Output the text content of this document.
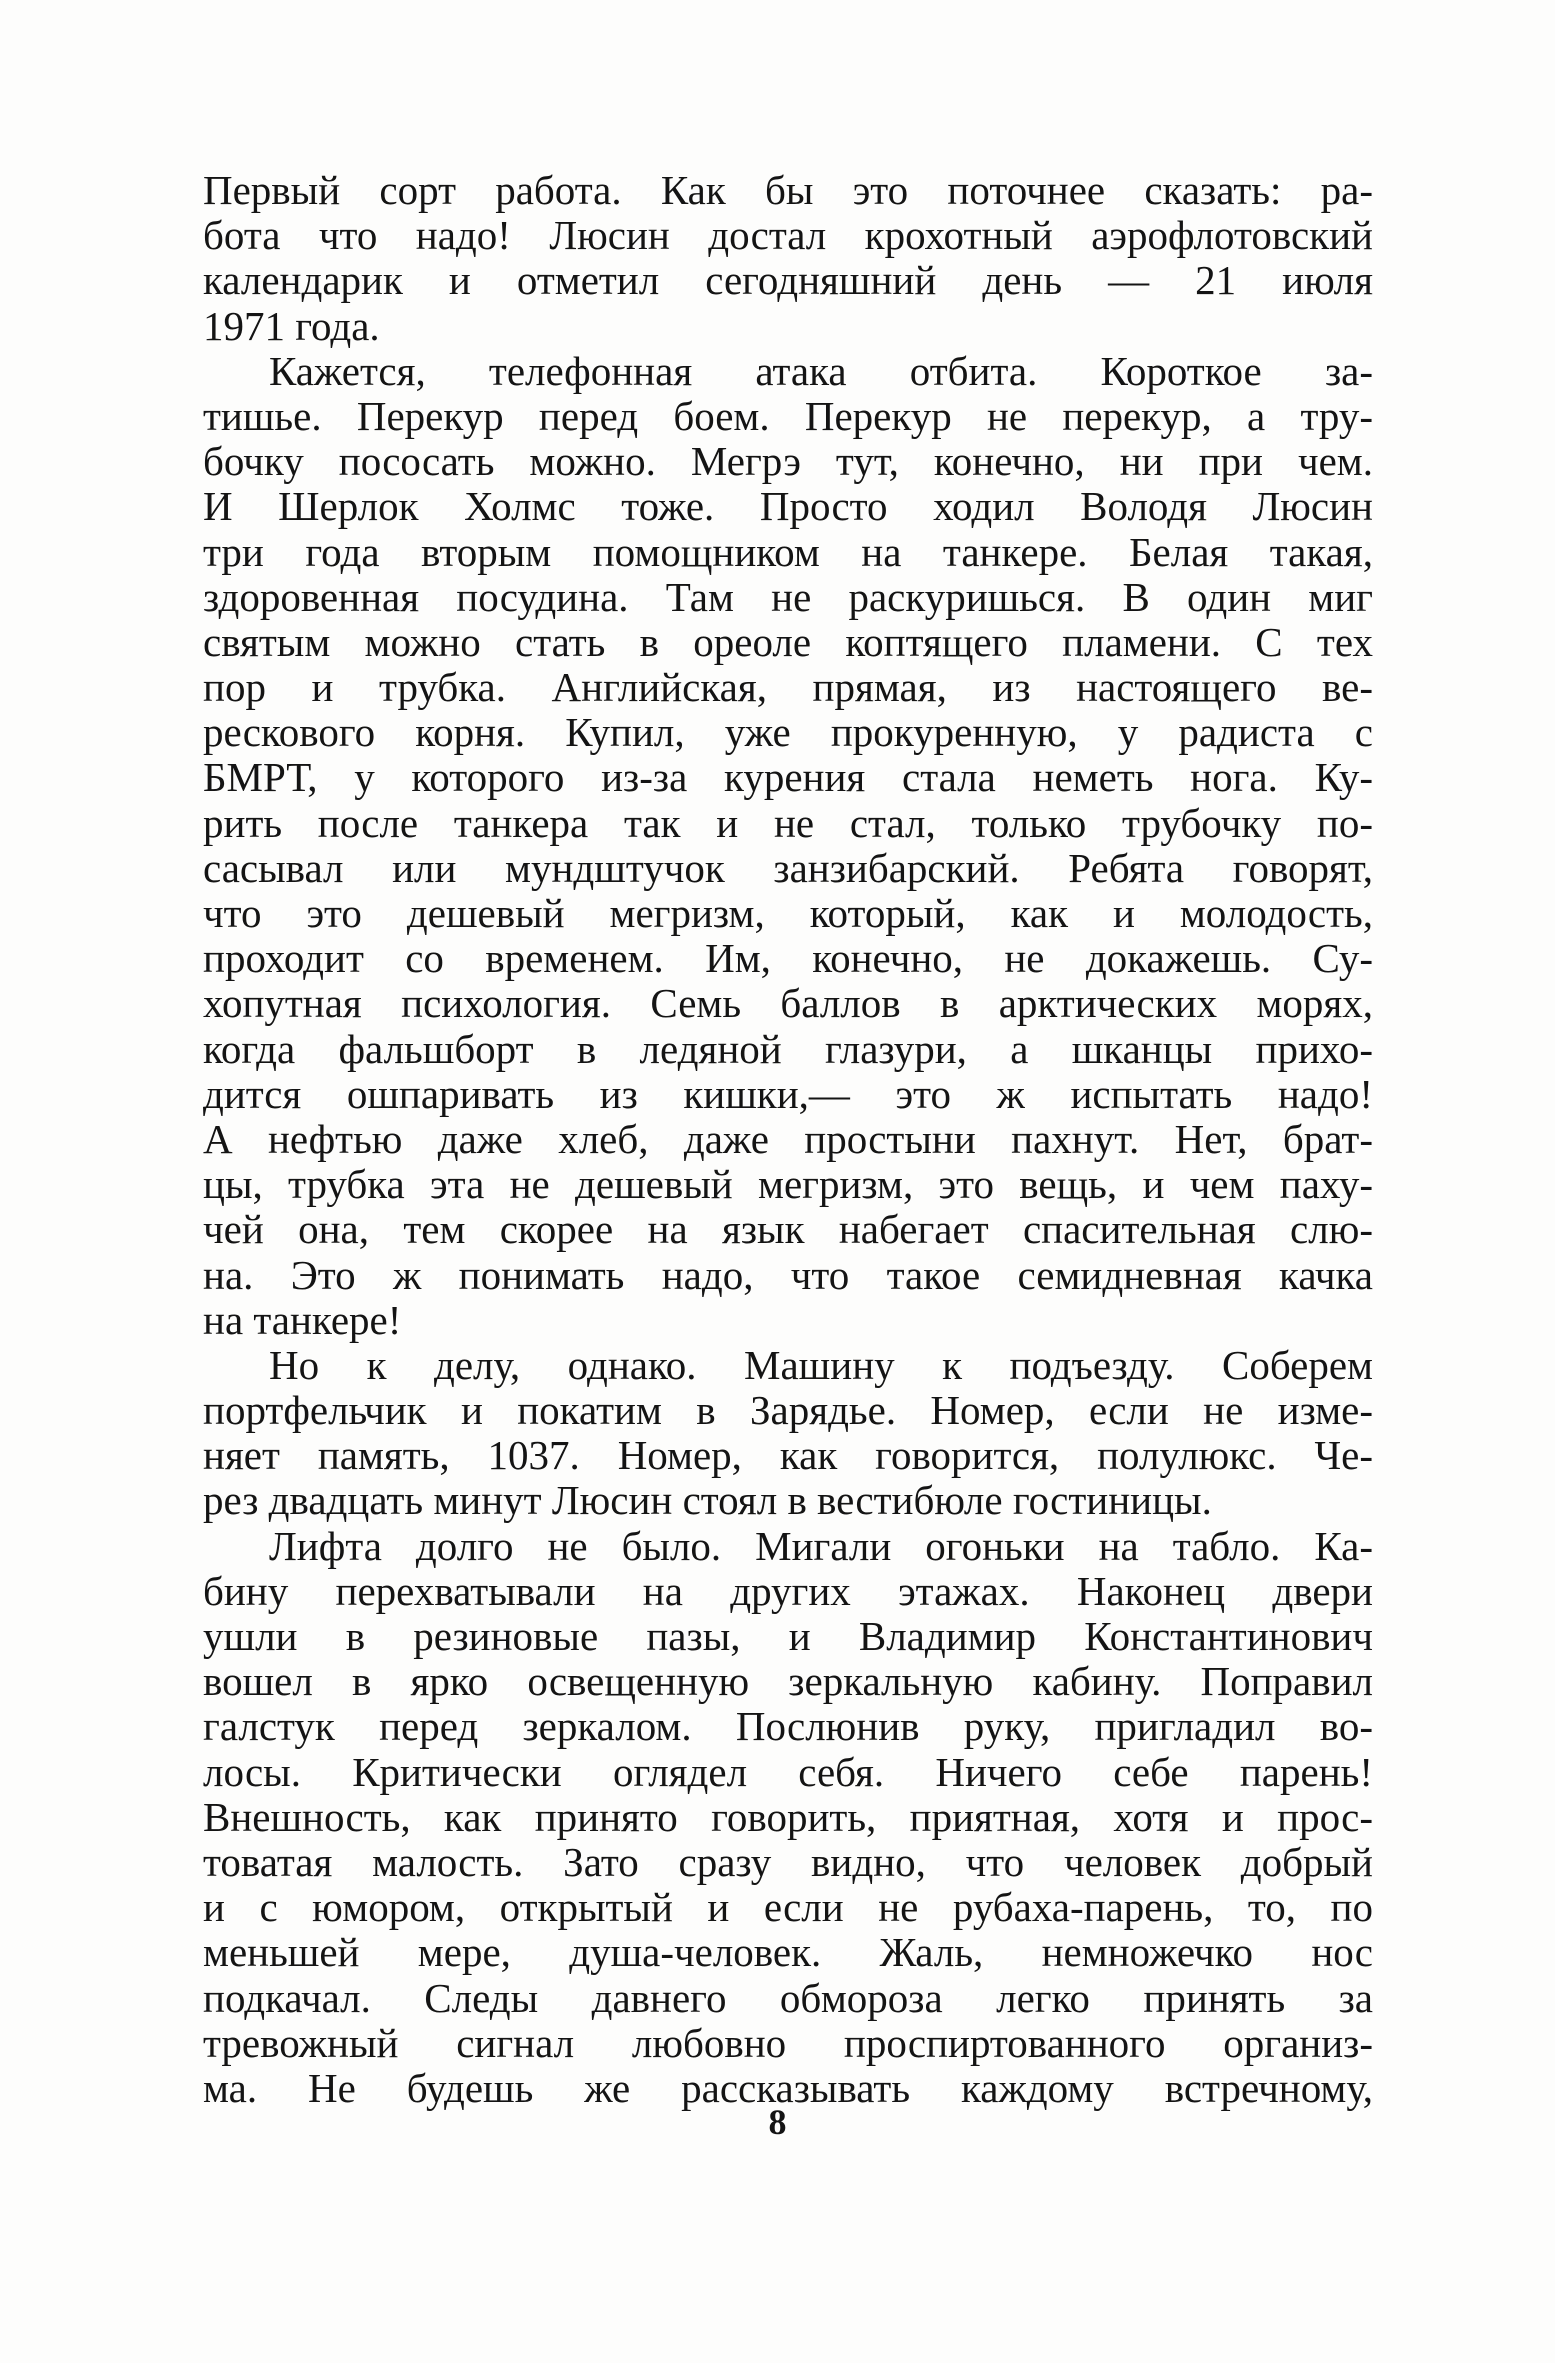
Первый сорт работа. Как бы это поточнее сказать: ра-
бота что надо! Люсин достал крохотный аэрофлотовский
календарик и отметил сегодняшний день — 21 июля
1971 года.
Кажется, телефонная атака отбита. Короткое за-
тишье. Перекур перед боем. Перекур не перекур, а тру-
бочку пососать можно. Мегрэ тут, конечно, ни при чем.
И Шерлок Холмс тоже. Просто ходил Володя Люсин
три года вторым помощником на танкере. Белая такая,
здоровенная посудина. Там не раскуришься. В один миг
святым можно стать в ореоле коптящего пламени. С тех
пор и трубка. Английская, прямая, из настоящего ве-
рескового корня. Купил, уже прокуренную, у радиста с
БМРТ, у которого из-за курения стала неметь нога. Ку-
рить после танкера так и не стал, только трубочку по-
сасывал или мундштучок занзибарский. Ребята говорят,
что это дешевый мегризм, который, как и молодость,
проходит со временем. Им, конечно, не докажешь. Су-
хопутная психология. Семь баллов в арктических морях,
когда фальшборт в ледяной глазури, а шканцы прихо-
дится ошпаривать из кишки,— это ж испытать надо!
А нефтью даже хлеб, даже простыни пахнут. Нет, брат-
цы, трубка эта не дешевый мегризм, это вещь, и чем паху-
чей она, тем скорее на язык набегает спасительная слю-
на. Это ж понимать надо, что такое семидневная качка
на танкере!
Но к делу, однако. Машину к подъезду. Соберем
портфельчик и покатим в Зарядье. Номер, если не изме-
няет память, 1037. Номер, как говорится, полулюкс. Че-
рез двадцать минут Люсин стоял в вестибюле гостиницы.
Лифта долго не было. Мигали огоньки на табло. Ка-
бину перехватывали на других этажах. Наконец двери
ушли в резиновые пазы, и Владимир Константинович
вошел в ярко освещенную зеркальную кабину. Поправил
галстук перед зеркалом. Послюнив руку, пригладил во-
лосы. Критически оглядел себя. Ничего себе парень!
Внешность, как принято говорить, приятная, хотя и прос-
товатая малость. Зато сразу видно, что человек добрый
и с юмором, открытый и если не рубаха-парень, то, по
меньшей мере, душа-человек. Жаль, немножечко нос
подкачал. Следы давнего обмороза легко принять за
тревожный сигнал любовно проспиртованного организ-
ма. Не будешь же рассказывать каждому встречному,
8
